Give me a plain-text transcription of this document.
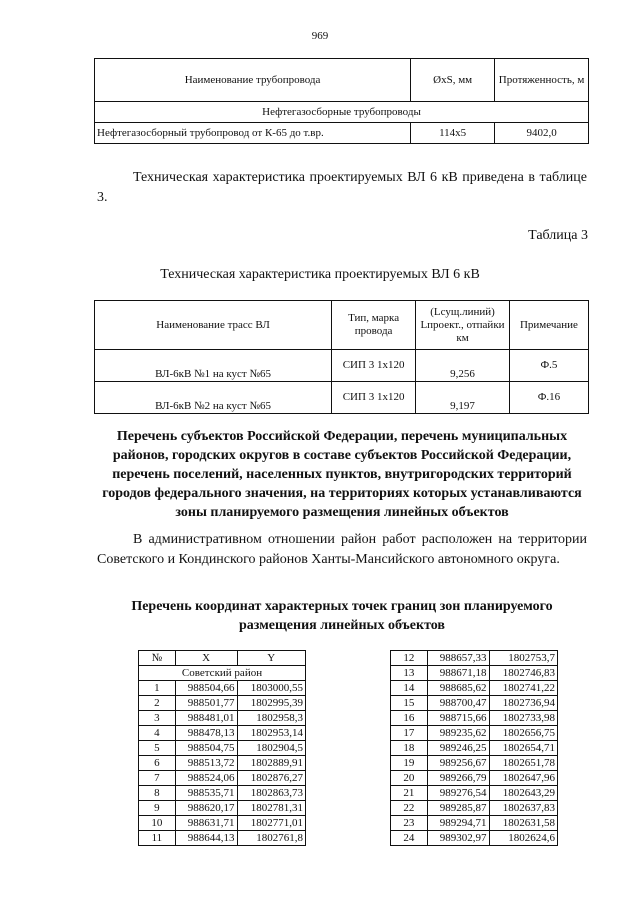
969
Наименование трубопровода	ØxS, мм	Протяженность, м
Нефтегазосборные трубопроводы		
Нефтегазосборный трубопровод от К-65 до т.вр.	114x5	9402,0
Техническая характеристика проектируемых ВЛ 6 кВ приведена в таблице 3.
Таблица 3
Техническая характеристика проектируемых ВЛ 6 кВ
Наименование трасс ВЛ	Тип, марка провода	(Lсущ.линий) Lпроект., отпайки км	Примечание
ВЛ-6кВ №1 на куст №65	СИП 3 1x120	9,256	Ф.5
ВЛ-6кВ №2 на куст №65	СИП 3 1x120	9,197	Ф.16
Перечень субъектов Российской Федерации, перечень муниципальных районов, городских округов в составе субъектов Российской Федерации, перечень поселений, населенных пунктов, внутригородских территорий городов федерального значения, на территориях которых устанавливаются зоны планируемого размещения линейных объектов
В административном отношении район работ расположен на территории Советского и Кондинского районов Ханты-Мансийского автономного округа.
Перечень координат характерных точек границ зон планируемого размещения линейных объектов
№	X	Y
Советский район		
1	988504,66	1803000,55
2	988501,77	1802995,39
3	988481,01	1802958,3
4	988478,13	1802953,14
5	988504,75	1802904,5
6	988513,72	1802889,91
7	988524,06	1802876,27
8	988535,71	1802863,73
9	988620,17	1802781,31
10	988631,71	1802771,01
11	988644,13	1802761,8
12	988657,33	1802753,7
13	988671,18	1802746,83
14	988685,62	1802741,22
15	988700,47	1802736,94
16	988715,66	1802733,98
17	989235,62	1802656,75
18	989246,25	1802654,71
19	989256,67	1802651,78
20	989266,79	1802647,96
21	989276,54	1802643,29
22	989285,87	1802637,83
23	989294,71	1802631,58
24	989302,97	1802624,6
